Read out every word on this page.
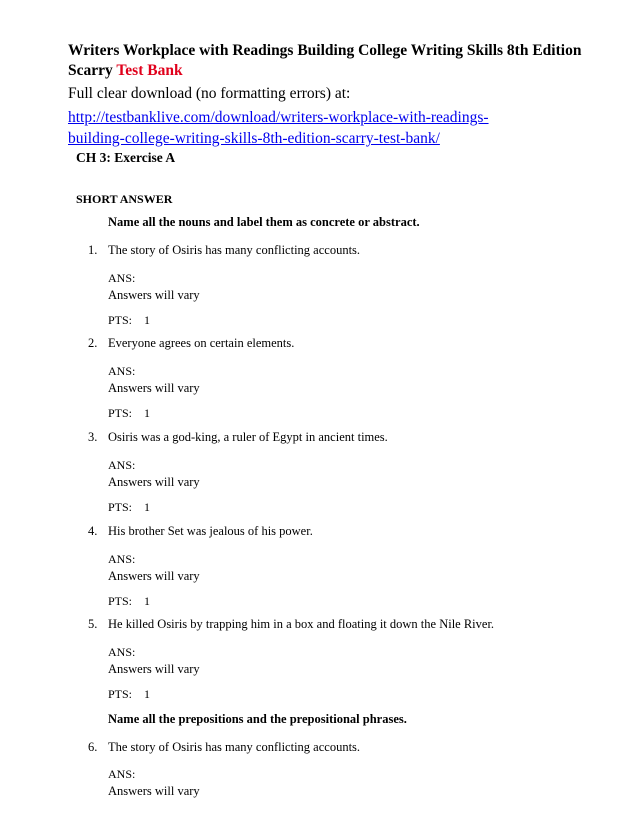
Writers Workplace with Readings Building College Writing Skills 8th Edition Scarry Test Bank
Full clear download (no formatting errors) at:
http://testbanklive.com/download/writers-workplace-with-readings-
building-college-writing-skills-8th-edition-scarry-test-bank/
CH 3: Exercise A
SHORT ANSWER
Name all the nouns and label them as concrete or abstract.
1. The story of Osiris has many conflicting accounts.
ANS:
Answers will vary
PTS: 1
2. Everyone agrees on certain elements.
ANS:
Answers will vary
PTS: 1
3. Osiris was a god-king, a ruler of Egypt in ancient times.
ANS:
Answers will vary
PTS: 1
4. His brother Set was jealous of his power.
ANS:
Answers will vary
PTS: 1
5. He killed Osiris by trapping him in a box and floating it down the Nile River.
ANS:
Answers will vary
PTS: 1
Name all the prepositions and the prepositional phrases.
6. The story of Osiris has many conflicting accounts.
ANS:
Answers will vary
